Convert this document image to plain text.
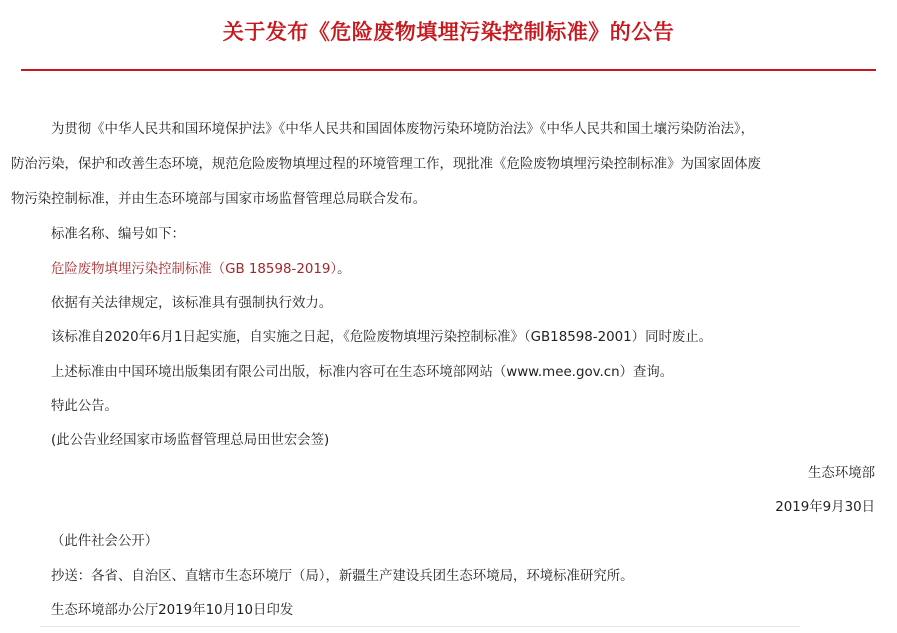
关于发布《危险废物填埋污染控制标准》的公告
为贯彻《中华人民共和国环境保护法》《中华人民共和国固体废物污染环境防治法》《中华人民共和国土壤污染防治法》，
防治污染，保护和改善生态环境，规范危险废物填埋过程的环境管理工作，现批准《危险废物填埋污染控制标准》为国家固体废
物污染控制标准，并由生态环境部与国家市场监督管理总局联合发布。
标准名称、编号如下：
危险废物填埋污染控制标准（GB 18598-2019）。
依据有关法律规定，该标准具有强制执行效力。
该标准自2020年6月1日起实施，自实施之日起，《危险废物填埋污染控制标准》（GB18598-2001）同时废止。
上述标准由中国环境出版集团有限公司出版，标准内容可在生态环境部网站（www.mee.gov.cn）查询。
特此公告。
(此公告业经国家市场监督管理总局田世宏会签)
生态环境部
2019年9月30日
（此件社会公开）
抄送：各省、自治区、直辖市生态环境厅（局），新疆生产建设兵团生态环境局，环境标准研究所。
生态环境部办公厅2019年10月10日印发
